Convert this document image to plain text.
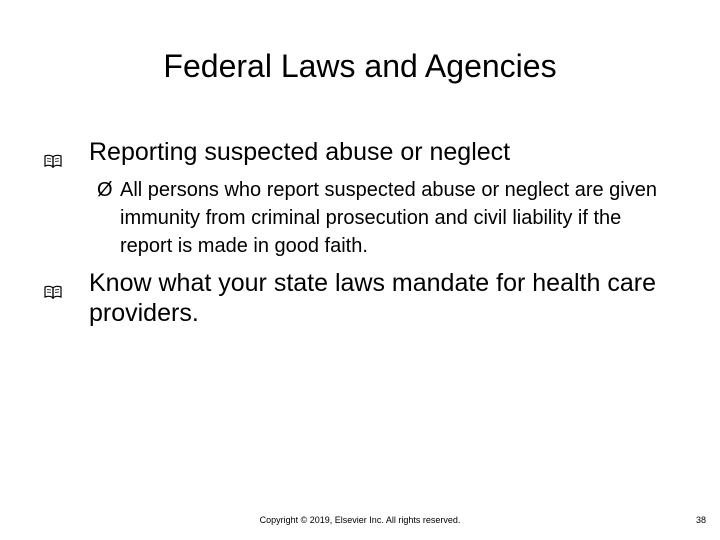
Federal Laws and Agencies
Reporting suspected abuse or neglect
Ø All persons who report suspected abuse or neglect are given immunity from criminal prosecution and civil liability if the report is made in good faith.
Know what your state laws mandate for health care providers.
Copyright © 2019, Elsevier Inc. All rights reserved.	38
